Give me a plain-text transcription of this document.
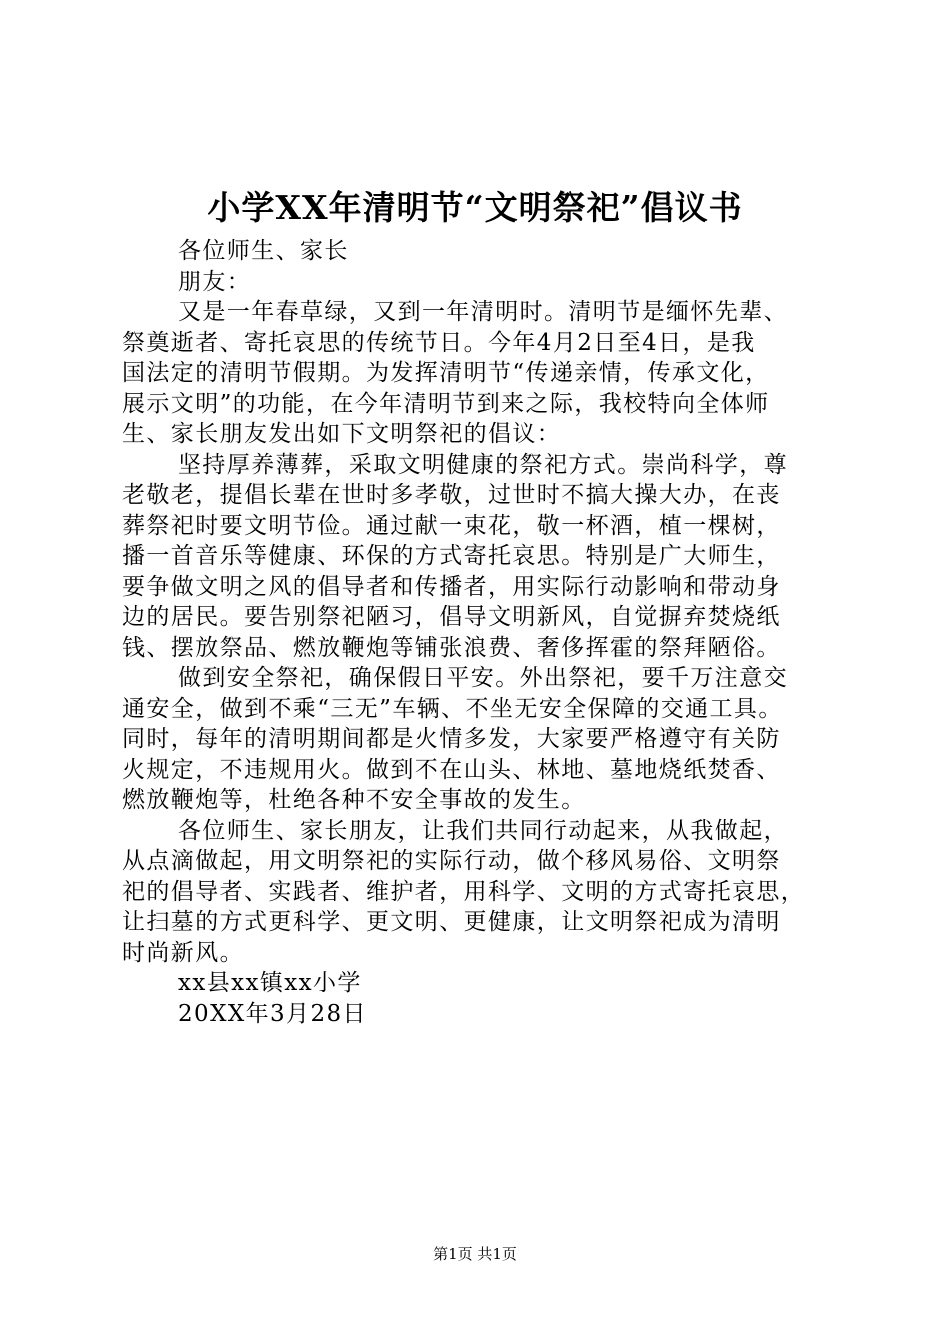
小学XX年清明节“文明祭祀”倡议书
各位师生、家长
朋友：
又是一年春草绿，又到一年清明时。清明节是缅怀先辈、
祭奠逝者、寄托哀思的传统节日。今年4月2日至4日，是我
国法定的清明节假期。为发挥清明节“传递亲情，传承文化，
展示文明”的功能，在今年清明节到来之际，我校特向全体师
生、家长朋友发出如下文明祭祀的倡议：
坚持厚养薄葬，采取文明健康的祭祀方式。崇尚科学，尊
老敬老，提倡长辈在世时多孝敬，过世时不搞大操大办，在丧
葬祭祀时要文明节俭。通过献一束花，敬一杯酒，植一棵树，
播一首音乐等健康、环保的方式寄托哀思。特别是广大师生，
要争做文明之风的倡导者和传播者，用实际行动影响和带动身
边的居民。要告别祭祀陋习，倡导文明新风，自觉摒弃焚烧纸
钱、摆放祭品、燃放鞭炮等铺张浪费、奢侈挥霍的祭拜陋俗。
做到安全祭祀，确保假日平安。外出祭祀，要千万注意交
通安全，做到不乘“三无”车辆、不坐无安全保障的交通工具。
同时，每年的清明期间都是火情多发，大家要严格遵守有关防
火规定，不违规用火。做到不在山头、林地、墓地烧纸焚香、
燃放鞭炮等，杜绝各种不安全事故的发生。
各位师生、家长朋友，让我们共同行动起来，从我做起，
从点滴做起，用文明祭祀的实际行动，做个移风易俗、文明祭
祀的倡导者、实践者、维护者，用科学、文明的方式寄托哀思，
让扫墓的方式更科学、更文明、更健康，让文明祭祀成为清明
时尚新风。
xx县xx镇xx小学
20XX年3月28日
第1页 共1页
